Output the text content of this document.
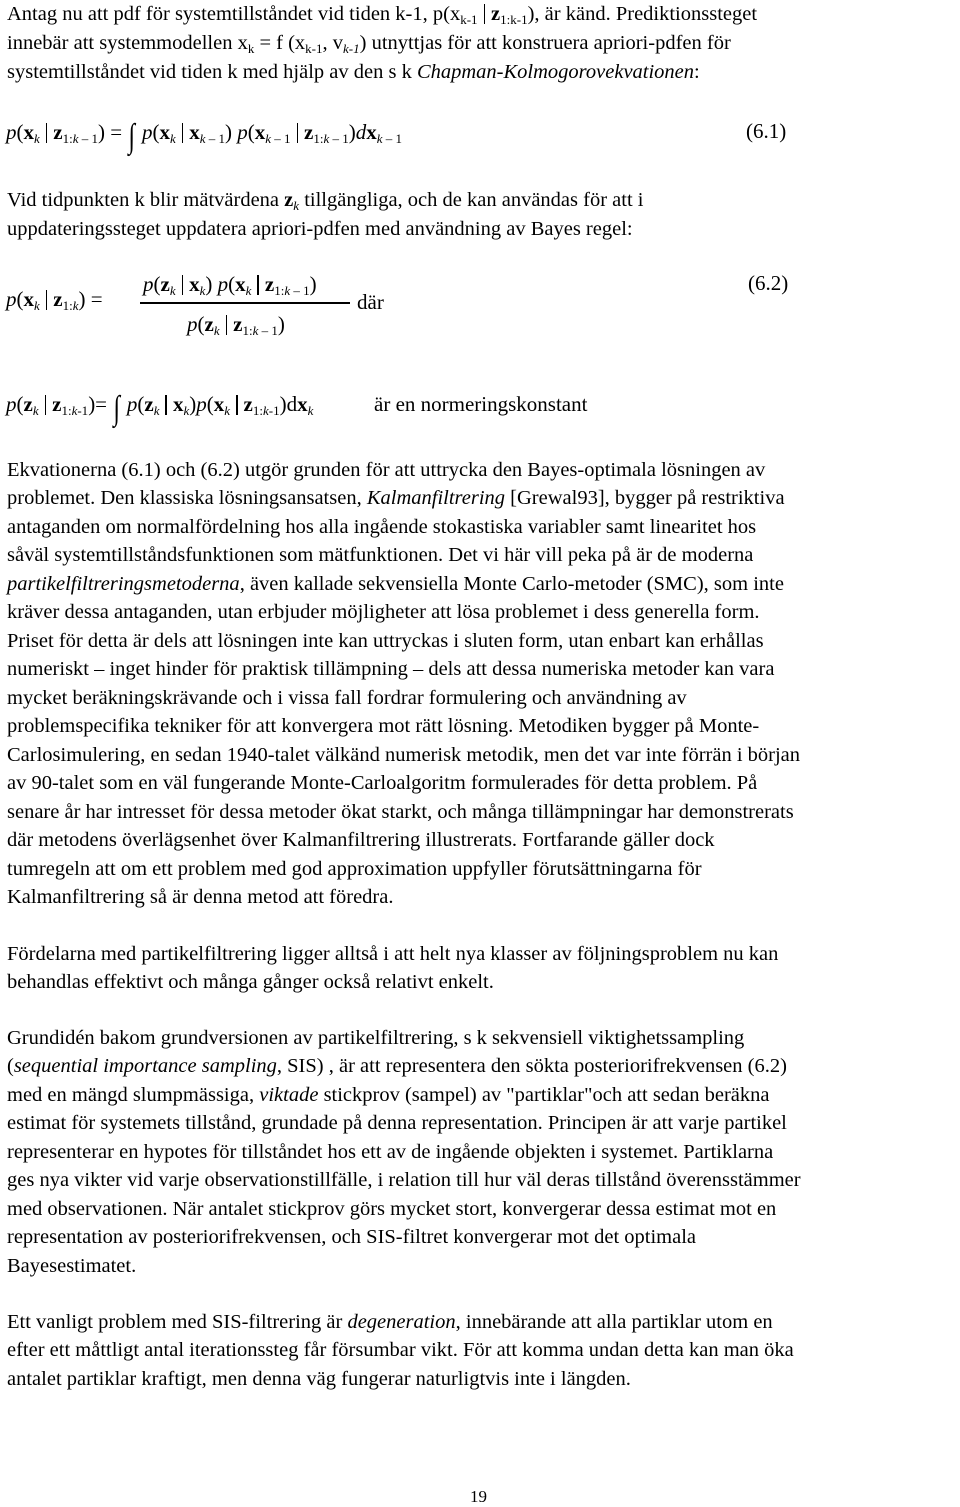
Antag nu att pdf för systemtillståndet vid tiden k-1, $p(x_{k-1}$ $z_{1:k-1}$), är känd. Prediktionssteget
innebär att systemmodellen $x_k = f$ ($x_{k-1}$, $v_{k-1}$) utnyttjas för att konstruera apriori-pdfen för
systemtillståndet vid tiden k med hjälp av den s k Chapman-Kolmogorovekvationen:
$p(x_k$ $z_{1:k - 1}$) = ∫ $p(x_k$ $x_{k - 1}$) $p(x_{k - 1}$ $z_{1:k - 1})dx_{k - 1}$	(6.1)
Vid tidpunkten k blir mätvärdena $z_k$ tillgängliga, och de kan användas för att i
uppdateringssteget uppdatera apriori-pdfen med användning av Bayes regel:
$p(x_k$ $z_{1:k}$) =
$p(z_k$ $x_k$) $p(x_k$ $z_{1:k - 1}$)
$p(z_k$ $z_{1:k - 1}$)
där
(6.2)
$p(z_k$ $z_{1:k-1})=$ ∫ $p(z_k$ $x_k)p(x_k$ $z_{1:k-1})dx_k$	är en normeringskonstant
Ekvationerna (6.1) och (6.2) utgör grunden för att uttrycka den Bayes-optimala lösningen av
problemet. Den klassiska lösningsansatsen, Kalmanfiltrering [Grewal93], bygger på restriktiva
antaganden om normalfördelning hos alla ingående stokastiska variabler samt linearitet hos
såväl systemtillståndsfunktionen som mätfunktionen. Det vi här vill peka på är de moderna
partikelfiltreringsmetoderna, även kallade sekvensiella Monte Carlo-metoder (SMC), som inte
kräver dessa antaganden, utan erbjuder möjligheter att lösa problemet i dess generella form.
Priset för detta är dels att lösningen inte kan uttryckas i sluten form, utan enbart kan erhållas
numeriskt – inget hinder för praktisk tillämpning – dels att dessa numeriska metoder kan vara
mycket beräkningskrävande och i vissa fall fordrar formulering och användning av
problemspecifika tekniker för att konvergera mot rätt lösning. Metodiken bygger på Monte-
Carlosimulering, en sedan 1940-talet välkänd numerisk metodik, men det var inte förrän i början
av 90-talet som en väl fungerande Monte-Carloalgoritm formulerades för detta problem. På
senare år har intresset för dessa metoder ökat starkt, och många tillämpningar har demonstrerats
där metodens överlägsenhet över Kalmanfiltrering illustrerats. Fortfarande gäller dock
tumregeln att om ett problem med god approximation uppfyller förutsättningarna för
Kalmanfiltrering så är denna metod att föredra.
Fördelarna med partikelfiltrering ligger alltså i att helt nya klasser av följningsproblem nu kan
behandlas effektivt och många gånger också relativt enkelt.
Grundidén bakom grundversionen av partikelfiltrering, s k sekvensiell viktighetssampling
(sequential importance sampling, SIS) , är att representera den sökta posteriorifrekvensen (6.2)
med en mängd slumpmässiga, viktade stickprov (sampel) av "partiklar"och att sedan beräkna
estimat för systemets tillstånd, grundade på denna representation. Principen är att varje partikel
representerar en hypotes för tillståndet hos ett av de ingående objekten i systemet. Partiklarna
ges nya vikter vid varje observationstillfälle, i relation till hur väl deras tillstånd överensstämmer
med observationen. När antalet stickprov görs mycket stort, konvergerar dessa estimat mot en
representation av posteriorifrekvensen, och SIS-filtret konvergerar mot det optimala
Bayesestimatet.
Ett vanligt problem med SIS-filtrering är degeneration, innebärande att alla partiklar utom en
efter ett måttligt antal iterationssteg får försumbar vikt. För att komma undan detta kan man öka
antalet partiklar kraftigt, men denna väg fungerar naturligtvis inte i längden.
19
